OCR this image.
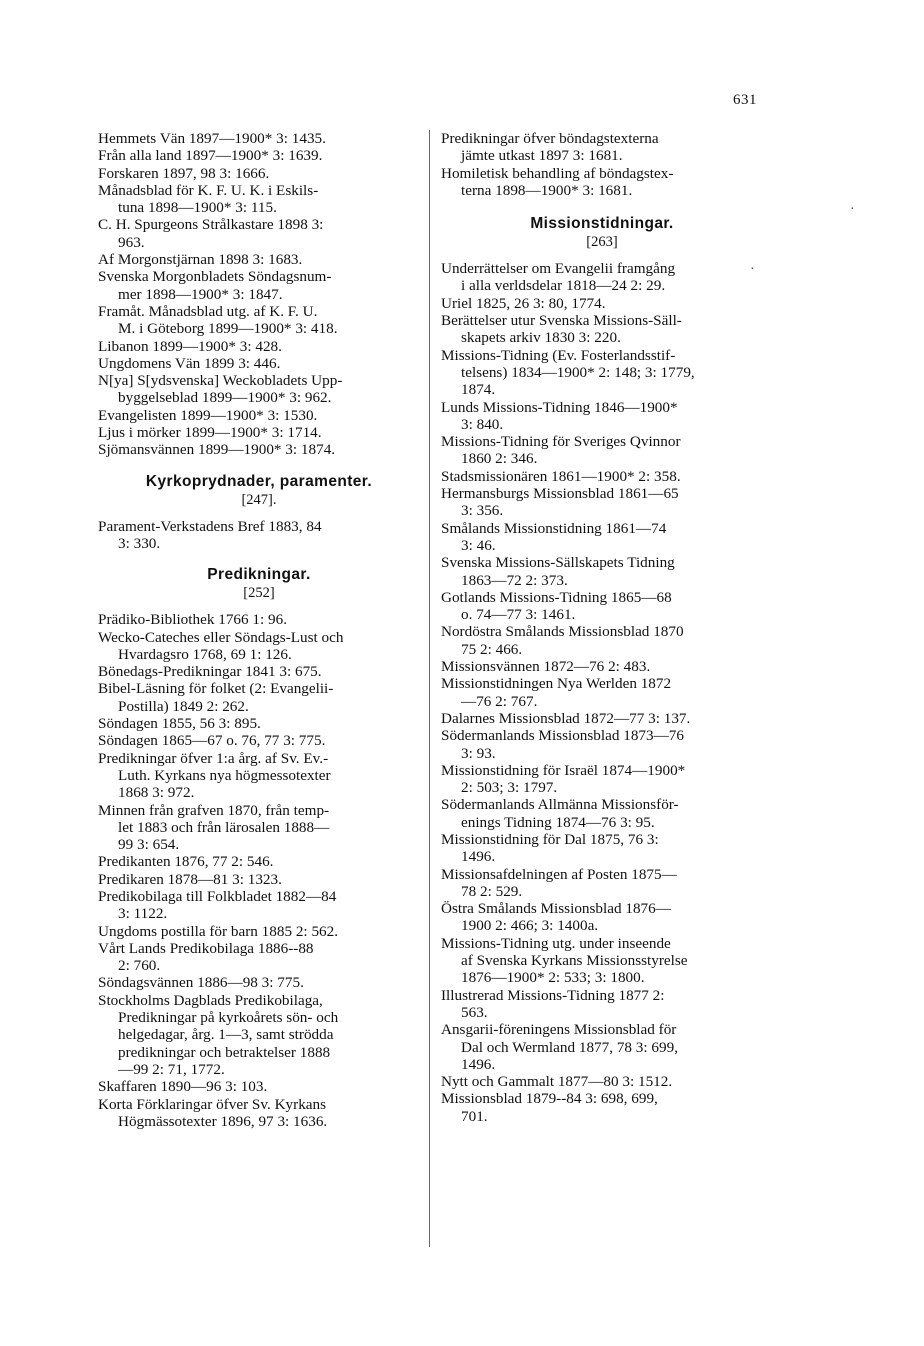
631
Hemmets Vän 1897—1900* 3: 1435.
Från alla land 1897—1900* 3: 1639.
Forskaren 1897, 98 3: 1666.
Månadsblad för K. F. U. K. i Eskils-
tuna 1898—1900* 3: 115.
C. H. Spurgeons Strålkastare 1898 3:
963.
Af Morgonstjärnan 1898 3: 1683.
Svenska Morgonbladets Söndagsnum-
mer 1898—1900* 3: 1847.
Framåt. Månadsblad utg. af K. F. U.
M. i Göteborg 1899—1900* 3: 418.
Libanon 1899—1900* 3: 428.
Ungdomens Vän 1899 3: 446.
N[ya] S[ydsvenska] Weckobladets Upp-
byggelseblad 1899—1900* 3: 962.
Evangelisten 1899—1900* 3: 1530.
Ljus i mörker 1899—1900* 3: 1714.
Sjömansvännen 1899—1900* 3: 1874.
Kyrkoprydnader, paramenter.
[247].
Parament-Verkstadens Bref 1883, 84
3: 330.
Predikningar.
[252]
Prädiko-Bibliothek 1766 1: 96.
Wecko-Cateches eller Söndags-Lust och
Hvardagsro 1768, 69 1: 126.
Bönedags-Predikningar 1841 3: 675.
Bibel-Läsning för folket (2: Evangelii-
Postilla) 1849 2: 262.
Söndagen 1855, 56 3: 895.
Söndagen 1865—67 o. 76, 77 3: 775.
Predikningar öfver 1:a årg. af Sv. Ev.-
Luth. Kyrkans nya högmessotexter
1868 3: 972.
Minnen från grafven 1870, från temp-
let 1883 och från lärosalen 1888—
99 3: 654.
Predikanten 1876, 77 2: 546.
Predikaren 1878—81 3: 1323.
Predikobilaga till Folkbladet 1882—84
3: 1122.
Ungdoms postilla för barn 1885 2: 562.
Vårt Lands Predikobilaga 1886--88
2: 760.
Söndagsvännen 1886—98 3: 775.
Stockholms Dagblads Predikobilaga,
Predikningar på kyrkoårets sön- och
helgedagar, årg. 1—3, samt strödda
predikningar och betraktelser 1888
—99 2: 71, 1772.
Skaffaren 1890—96 3: 103.
Korta Förklaringar öfver Sv. Kyrkans
Högmässotexter 1896, 97 3: 1636.
Predikningar öfver böndagstexterna
jämte utkast 1897 3: 1681.
Homiletisk behandling af böndagstex-
terna 1898—1900* 3: 1681.
Missionstidningar.
[263]
Underrättelser om Evangelii framgång
i alla verldsdelar 1818—24 2: 29.
Uriel 1825, 26 3: 80, 1774.
Berättelser utur Svenska Missions-Säll-
skapets arkiv 1830 3: 220.
Missions-Tidning (Ev. Fosterlandsstif-
telsens) 1834—1900* 2: 148; 3: 1779,
1874.
Lunds Missions-Tidning 1846—1900*
3: 840.
Missions-Tidning för Sveriges Qvinnor
1860 2: 346.
Stadsmissionären 1861—1900* 2: 358.
Hermansburgs Missionsblad 1861—65
3: 356.
Smålands Missionstidning 1861—74
3: 46.
Svenska Missions-Sällskapets Tidning
1863—72 2: 373.
Gotlands Missions-Tidning 1865—68
o. 74—77 3: 1461.
Nordöstra Smålands Missionsblad 1870
75 2: 466.
Missionsvännen 1872—76 2: 483.
Missionstidningen Nya Werlden 1872
—76 2: 767.
Dalarnes Missionsblad 1872—77 3: 137.
Södermanlands Missionsblad 1873—76
3: 93.
Missionstidning för Israël 1874—1900*
2: 503; 3: 1797.
Södermanlands Allmänna Missionsför-
enings Tidning 1874—76 3: 95.
Missionstidning för Dal 1875, 76 3:
1496.
Missionsafdelningen af Posten 1875—
78 2: 529.
Östra Smålands Missionsblad 1876—
1900 2: 466; 3: 1400a.
Missions-Tidning utg. under inseende
af Svenska Kyrkans Missionsstyrelse
1876—1900* 2: 533; 3: 1800.
Illustrerad Missions-Tidning 1877 2:
563.
Ansgarii-föreningens Missionsblad för
Dal och Wermland 1877, 78 3: 699,
1496.
Nytt och Gammalt 1877—80 3: 1512.
Missionsblad 1879--84 3: 698, 699,
701.
·
·
